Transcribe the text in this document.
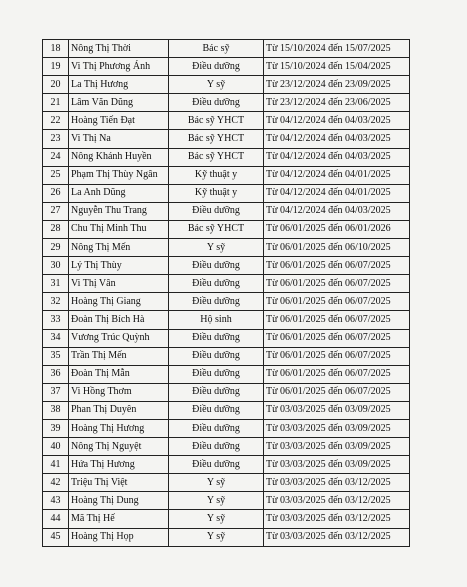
18	Nông Thị Thời	Bác sỹ	Từ 15/10/2024 đến 15/07/2025
19	Vi Thị Phương Ánh	Điều dưỡng	Từ 15/10/2024 đến 15/04/2025
20	La Thị Hương	Y sỹ	Từ 23/12/2024 đến 23/09/2025
21	Lâm Văn Dũng	Điều dưỡng	Từ 23/12/2024 đến 23/06/2025
22	Hoàng Tiến Đạt	Bác sỹ YHCT	Từ 04/12/2024 đến 04/03/2025
23	Vi Thị Na	Bác sỹ YHCT	Từ 04/12/2024 đến 04/03/2025
24	Nông Khánh Huyền	Bác sỹ YHCT	Từ 04/12/2024 đến 04/03/2025
25	Phạm Thị Thùy Ngân	Kỹ thuật y	Từ 04/12/2024 đến 04/01/2025
26	La Anh Dũng	Kỹ thuật y	Từ 04/12/2024 đến 04/01/2025
27	Nguyễn Thu Trang	Điều dưỡng	Từ 04/12/2024 đến 04/03/2025
28	Chu Thị Minh Thu	Bác sỹ YHCT	Từ 06/01/2025 đến 06/01/2026
29	Nông Thị Mến	Y sỹ	Từ 06/01/2025 đến 06/10/2025
30	Lý Thị Thùy	Điều dưỡng	Từ 06/01/2025 đến 06/07/2025
31	Vi Thị Vân	Điều dưỡng	Từ 06/01/2025 đến 06/07/2025
32	Hoàng Thị Giang	Điều dưỡng	Từ 06/01/2025 đến 06/07/2025
33	Đoàn Thị Bích Hà	Hộ sinh	Từ 06/01/2025 đến 06/07/2025
34	Vương Trúc Quỳnh	Điều dưỡng	Từ 06/01/2025 đến 06/07/2025
35	Trần Thị Mến	Điều dưỡng	Từ 06/01/2025 đến 06/07/2025
36	Đoàn Thị Mẫn	Điều dưỡng	Từ 06/01/2025 đến 06/07/2025
37	Vi Hồng Thơm	Điều dưỡng	Từ 06/01/2025 đến 06/07/2025
38	Phan Thị Duyên	Điều dưỡng	Từ 03/03/2025 đến 03/09/2025
39	Hoàng Thị Hương	Điều dưỡng	Từ 03/03/2025 đến 03/09/2025
40	Nông Thị Nguyệt	Điều dưỡng	Từ 03/03/2025 đến 03/09/2025
41	Hứa Thị Hương	Điều dưỡng	Từ 03/03/2025 đến 03/09/2025
42	Triệu Thị Việt	Y sỹ	Từ 03/03/2025 đến 03/12/2025
43	Hoàng Thị Dung	Y sỹ	Từ 03/03/2025 đến 03/12/2025
44	Mã Thị Hế	Y sỹ	Từ 03/03/2025 đến 03/12/2025
45	Hoàng Thị Họp	Y sỹ	Từ 03/03/2025 đến 03/12/2025
